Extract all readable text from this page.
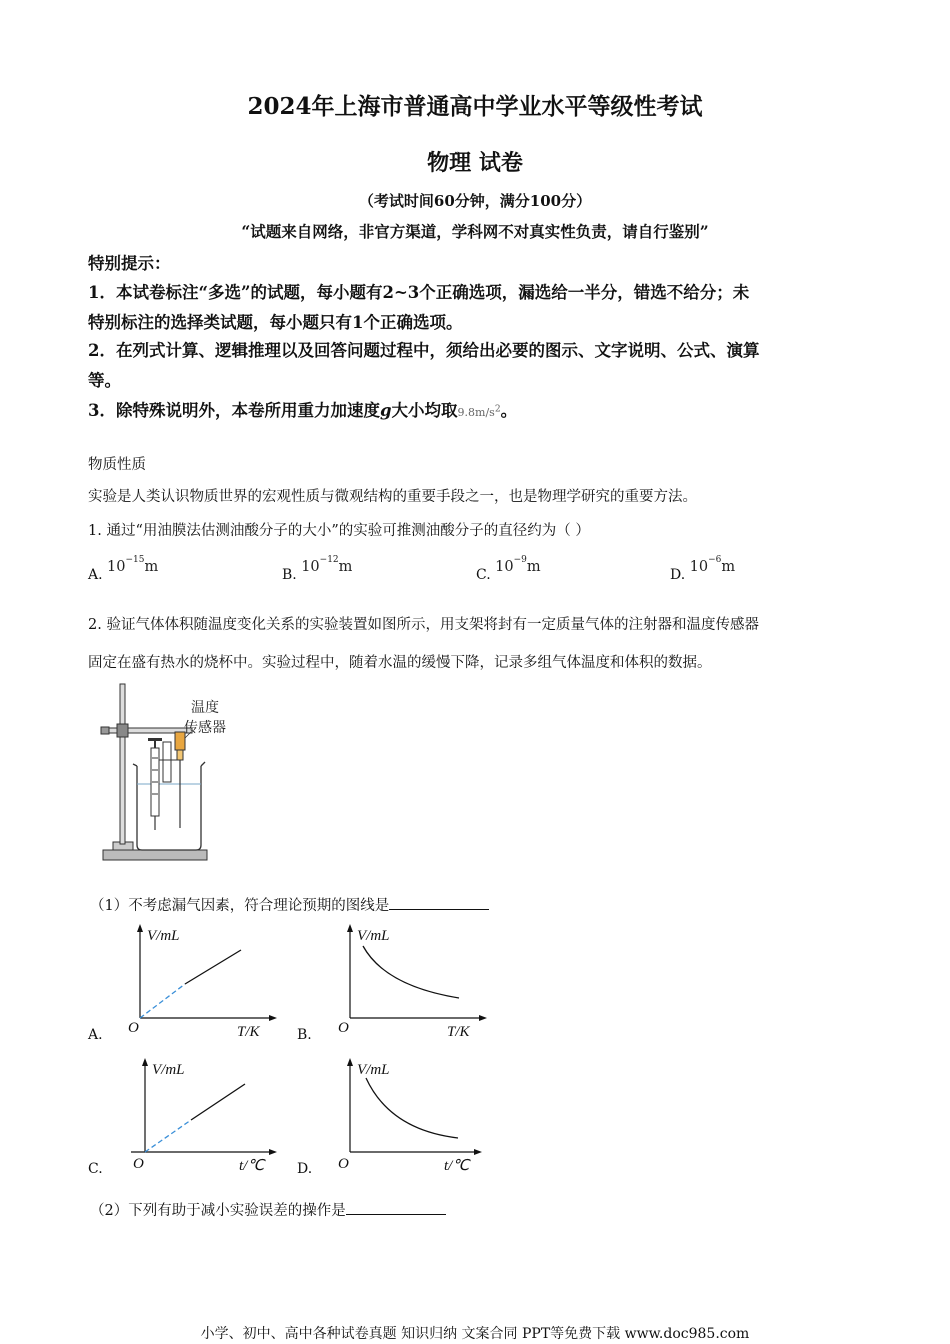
2024年上海市普通高中学业水平等级性考试
物理 试卷
（考试时间60分钟，满分100分）
“试题来自网络，非官方渠道，学科网不对真实性负责，请自行鉴别”
特别提示：
1．本试卷标注“多选”的试题，每小题有2~3个正确选项，漏选给一半分，错选不给分；未
特别标注的选择类试题，每小题只有1个正确选项。
2．在列式计算、逻辑推理以及回答问题过程中，须给出必要的图示、文字说明、公式、演算
等。
3．除特殊说明外，本卷所用重力加速度g大小均取$9.8m/s^2$。
物质性质
实验是人类认识物质世界的宏观性质与微观结构的重要手段之一，也是物理学研究的重要方法。
1. 通过“用油膜法估测油酸分子的大小”的实验可推测油酸分子的直径约为（ ）
A. $10^{-15}m$	B. $10^{-12}m$	C. $10^{-9}m$	D. $10^{-6}m$
2. 验证气体体积随温度变化关系的实验装置如图所示，用支架将封有一定质量气体的注射器和温度传感器
固定在盛有热水的烧杯中。实验过程中，随着水温的缓慢下降，记录多组气体温度和体积的数据。
温度
传感器
（1）不考虑漏气因素，符合理论预期的图线是
A.
V/mL
O	T/K	B.
V/mL
O	T/K
C.
V/mL
O	t/℃ D.
V/mL
O	t/℃
（2）下列有助于减小实验误差的操作是
小学、初中、高中各种试卷真题 知识归纳 文案合同 PPT等免费下载 www.doc985.com
